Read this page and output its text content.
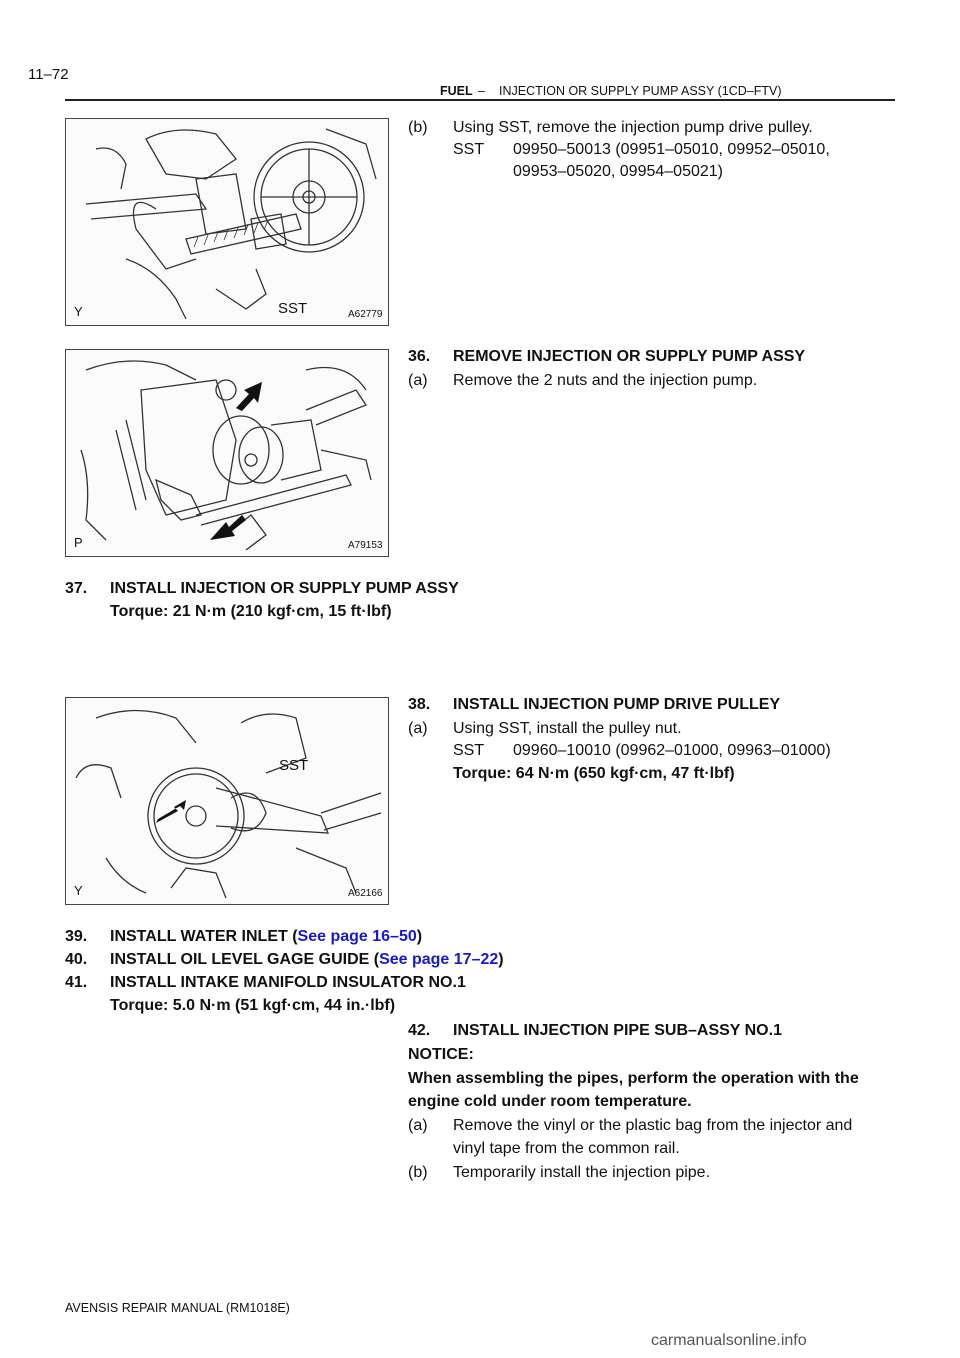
11–72
FUEL – INJECTION OR SUPPLY PUMP ASSY (1CD–FTV)
Y	SST	A62779
P	A79153
Y
SST
A62166
(b) Using SST, remove the injection pump drive pulley.
SST 09950–50013 (09951–05010, 09952–05010,
09953–05020, 09954–05021)
36. REMOVE INJECTION OR SUPPLY PUMP ASSY
(a) Remove the 2 nuts and the injection pump.
37. INSTALL INJECTION OR SUPPLY PUMP ASSY
Torque: 21 N·m (210 kgf·cm, 15 ft·lbf)
38. INSTALL INJECTION PUMP DRIVE PULLEY
(a) Using SST, install the pulley nut.
SST 09960–10010 (09962–01000, 09963–01000)
Torque: 64 N·m (650 kgf·cm, 47 ft·lbf)
39. INSTALL WATER INLET (See page 16–50)
40. INSTALL OIL LEVEL GAGE GUIDE (See page 17–22)
41. INSTALL INTAKE MANIFOLD INSULATOR NO.1
Torque: 5.0 N·m (51 kgf·cm, 44 in.·lbf)
42. INSTALL INJECTION PIPE SUB–ASSY NO.1
NOTICE:
When assembling the pipes, perform the operation with the
engine cold under room temperature.
(a) Remove the vinyl or the plastic bag from the injector and
vinyl tape from the common rail.
(b) Temporarily install the injection pipe.
AVENSIS REPAIR MANUAL (RM1018E)
carmanualsonline.info
